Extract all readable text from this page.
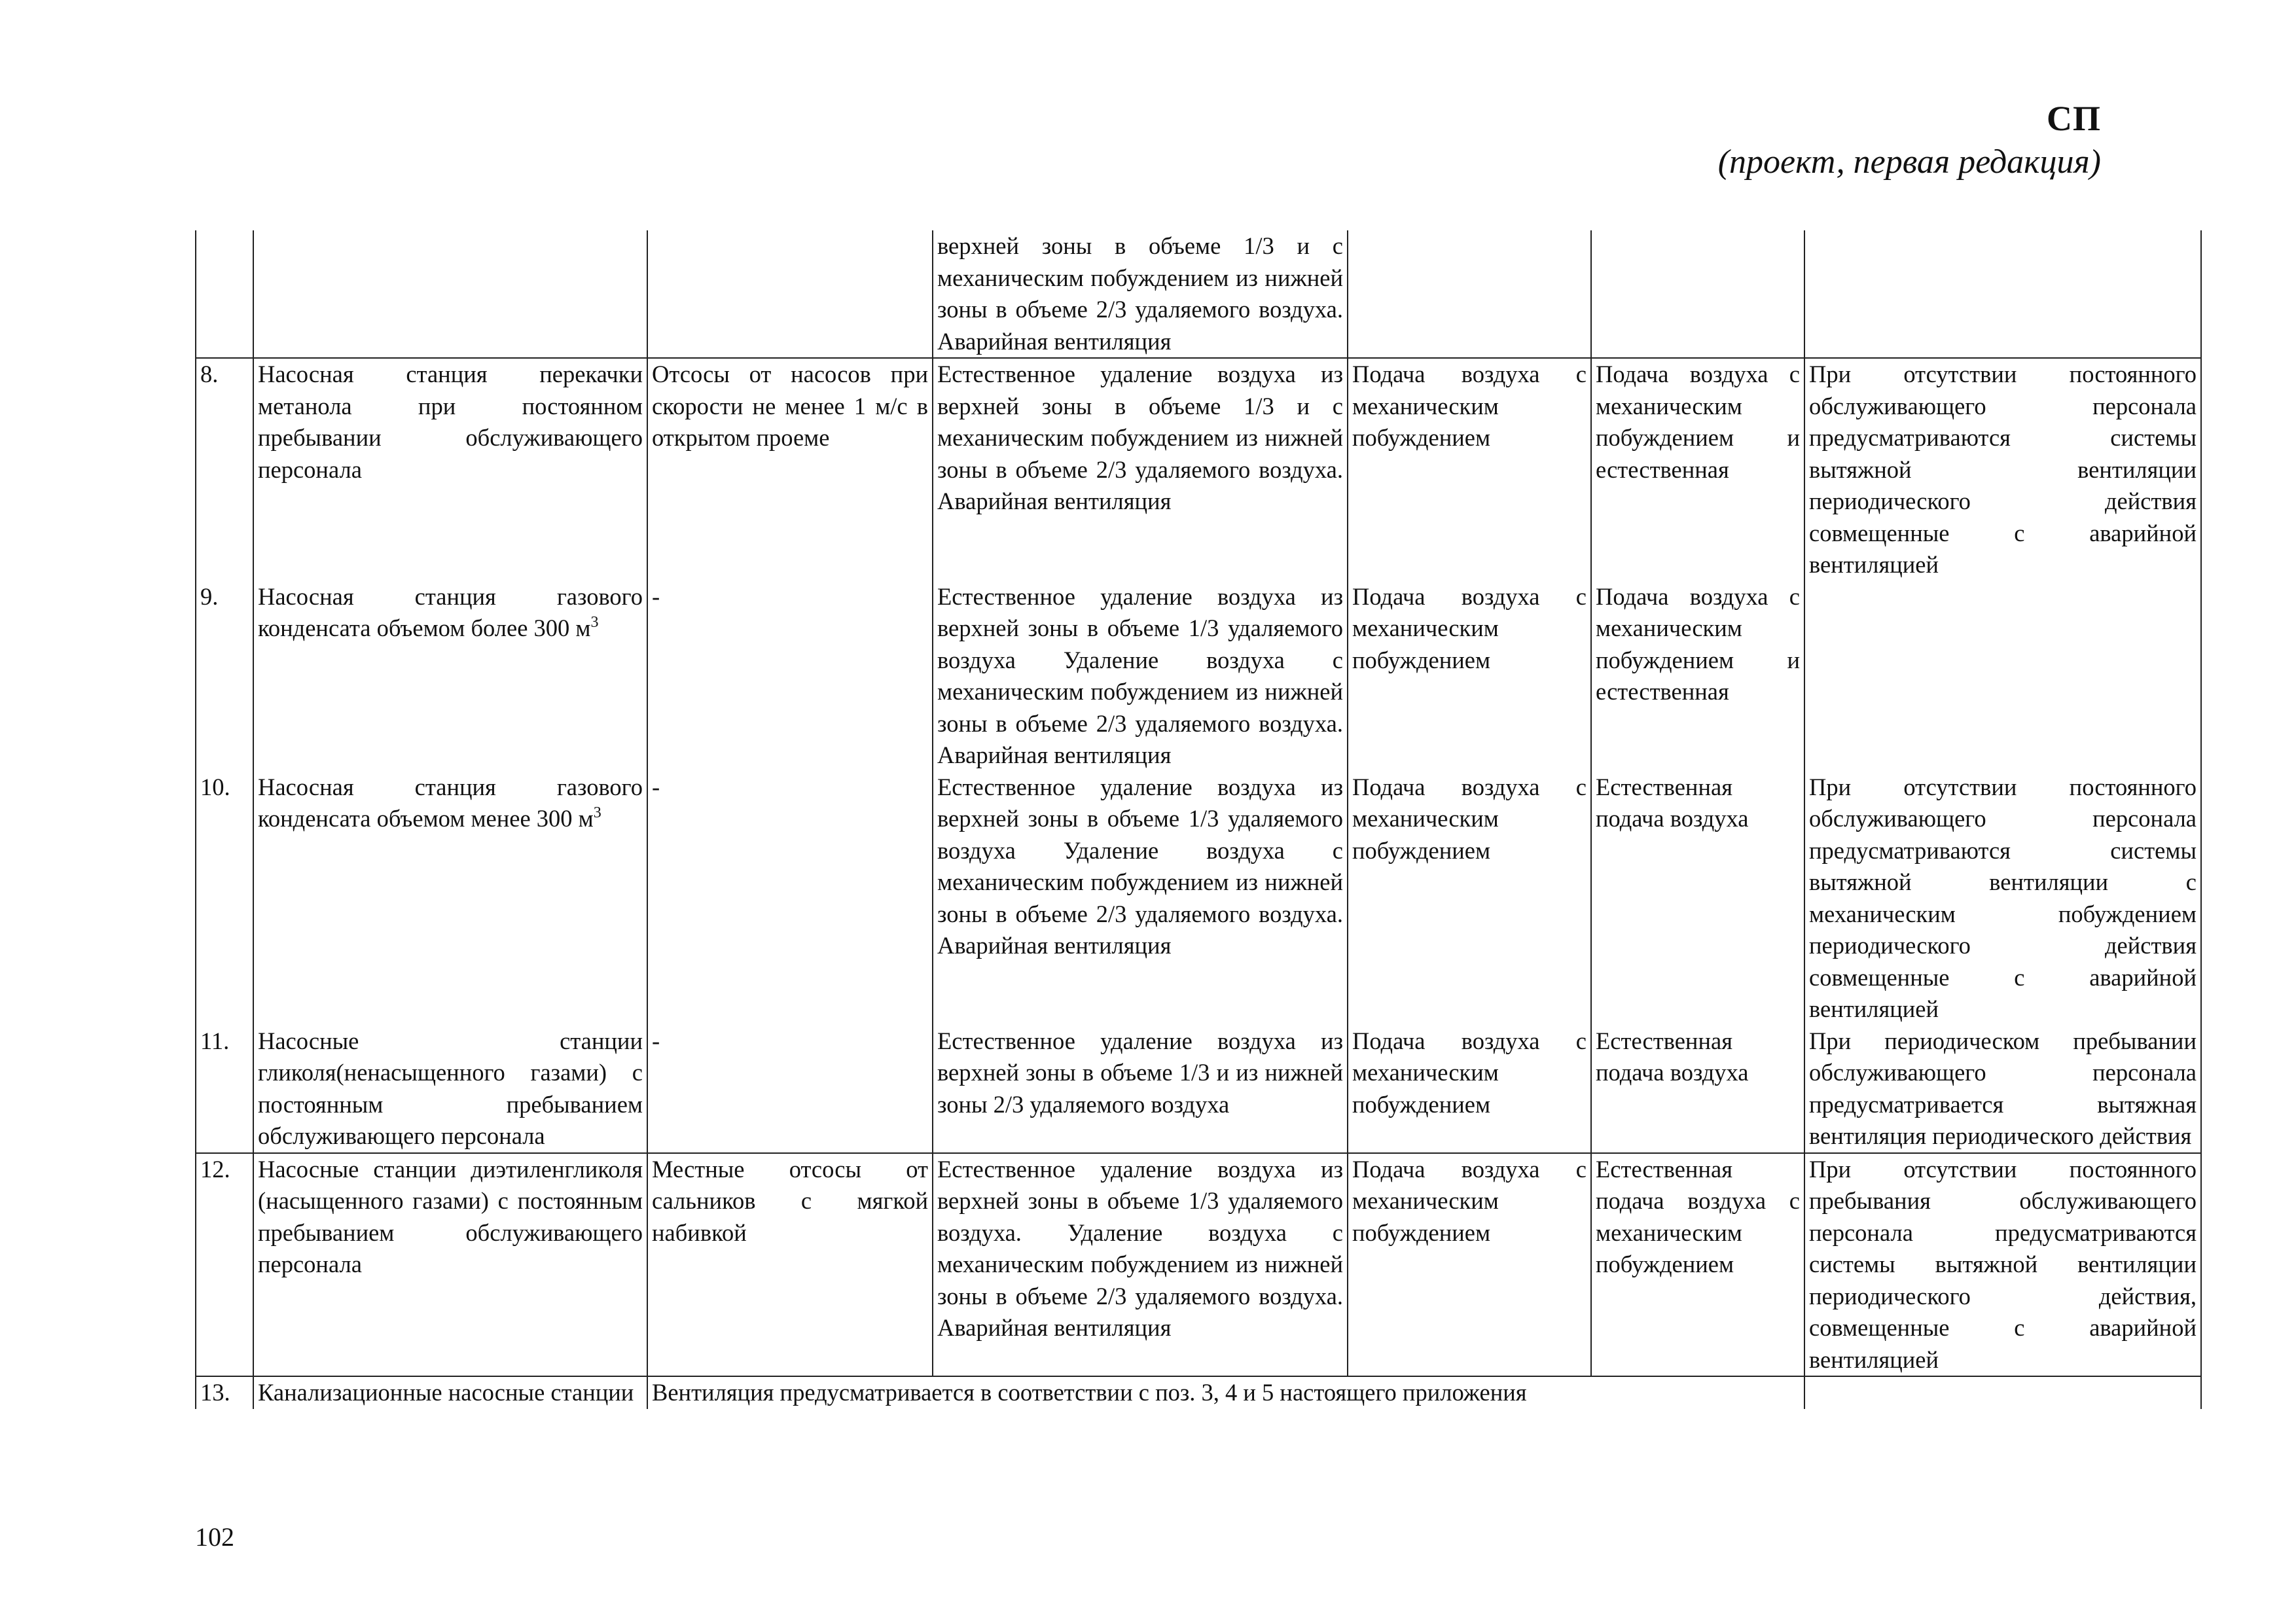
СП
(проект, первая редакция)
			верхней зоны в объеме 1/3 и с механическим побуждением из нижней зоны в объеме 2/3 удаляемого воздуха. Аварийная вентиляция			
8.	Насосная станция перекачки метанола при постоянном пребывании обслуживающего персонала	Отсосы от насосов при скорости не менее 1 м/с в открытом проеме	Естественное удаление воздуха из верхней зоны в объеме 1/3 и с механическим побуждением из нижней зоны в объеме 2/3 удаляемого воздуха. Аварийная вентиляция	Подача воздуха с механическим побуждением	Подача воздуха с механическим побуждением и естественная	При отсутствии постоянного обслуживающего персонала предусматриваются системы вытяжной вентиляции периодического действия совмещенные с аварийной вентиляцией
9.	Насосная станция газового конденсата объемом более 300 $м^3$	-	Естественное удаление воздуха из верхней зоны в объеме 1/3 удаляемого воздуха Удаление воздуха с механическим побуждением из нижней зоны в объеме 2/3 удаляемого воздуха. Аварийная вентиляция	Подача воздуха с механическим побуждением	Подача воздуха с механическим побуждением и естественная	
10.	Насосная станция газового конденсата объемом менее 300 $м^3$	-	Естественное удаление воздуха из верхней зоны в объеме 1/3 удаляемого воздуха Удаление воздуха с механическим побуждением из нижней зоны в объеме 2/3 удаляемого воздуха. Аварийная вентиляция	Подача воздуха с механическим побуждением	Естественная подача воздуха	При отсутствии постоянного обслуживающего персонала предусматриваются системы вытяжной вентиляции с механическим побуждением периодического действия совмещенные с аварийной вентиляцией
11.	Насосные станции гликоля(ненасыщенного газами) с постоянным пребыванием обслуживающего персонала	-	Естественное удаление воздуха из верхней зоны в объеме 1/3 и из нижней зоны 2/3 удаляемого воздуха	Подача воздуха с механическим побуждением	Естественная подача воздуха	При периодическом пребывании обслуживающего персонала предусматривается вытяжная вентиляция периодического действия
12.	Насосные станции диэтиленгликоля (насыщенного газами) с постоянным пребыванием обслуживающего персонала	Местные отсосы от сальников с мягкой набивкой	Естественное удаление воздуха из верхней зоны в объеме 1/3 удаляемого воздуха. Удаление воздуха с механическим побуждением из нижней зоны в объеме 2/3 удаляемого воздуха. Аварийная вентиляция	Подача воздуха с механическим побуждением	Естественная подача воздуха с механическим побуждением	При отсутствии постоянного пребывания обслуживающего персонала предусматриваются системы вытяжной вентиляции периодического действия, совмещенные с аварийной вентиляцией
13.	Канализационные насосные станции	Вентиляция предусматривается в соответствии с поз. 3, 4 и 5 настоящего приложения				
102
